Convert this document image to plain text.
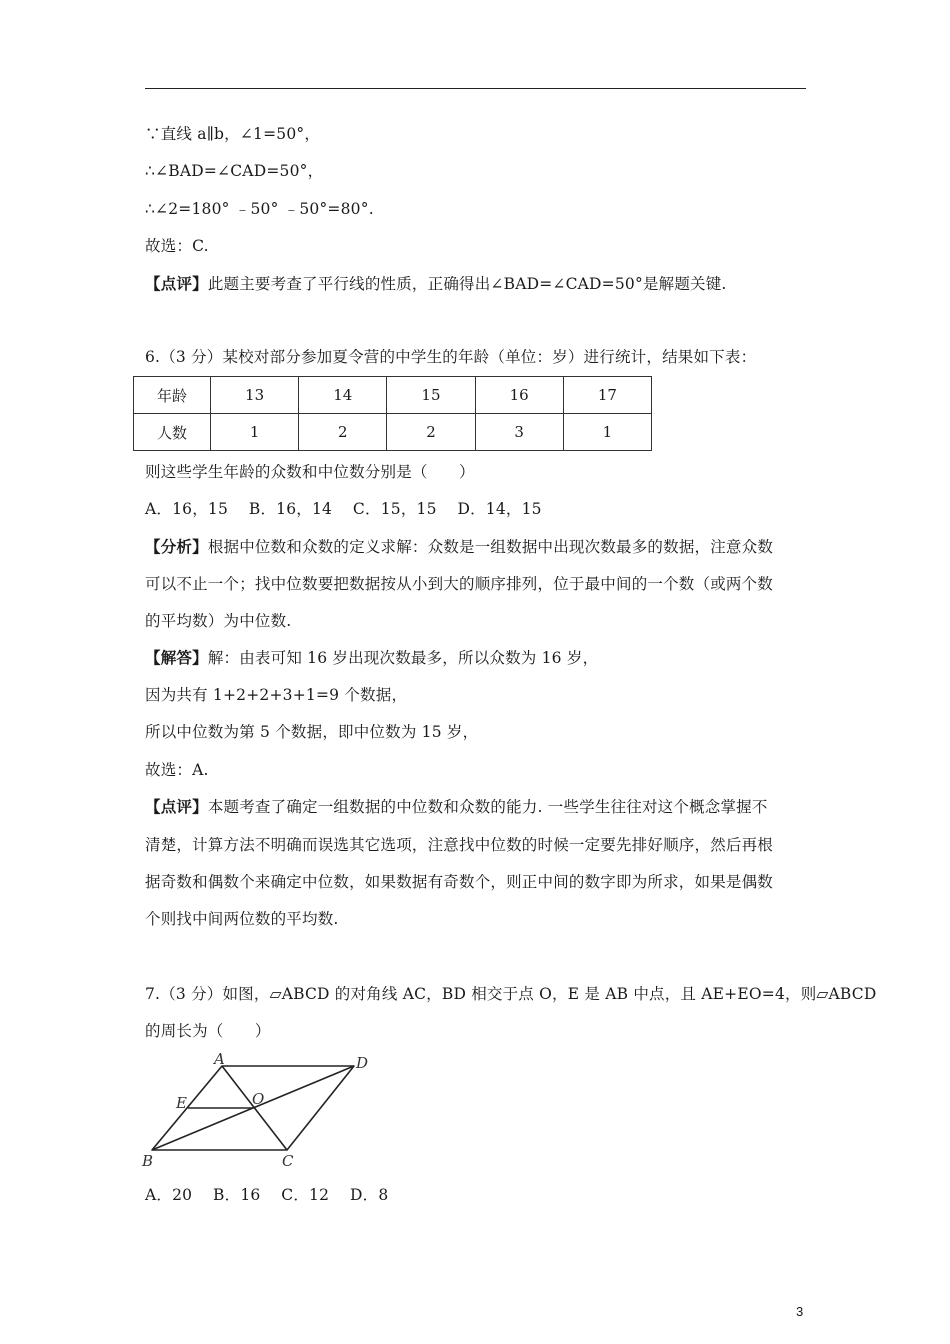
∵直线 a∥b，∠1=50°，
∴∠BAD=∠CAD=50°，
∴∠2=180° ﹣50° ﹣50°=80°.
故选：C.
【点评】此题主要考查了平行线的性质，正确得出∠BAD=∠CAD=50°是解题关键.
6.（3 分）某校对部分参加夏令营的中学生的年龄（单位：岁）进行统计，结果如下表：
年龄	13	14	15	16	17
人数	1	2	2	3	1
则这些学生年龄的众数和中位数分别是（　　）
A．16，15　 B．16，14　 C．15，15　 D．14，15
【分析】根据中位数和众数的定义求解：众数是一组数据中出现次数最多的数据，注意众数
可以不止一个；找中位数要把数据按从小到大的顺序排列，位于最中间的一个数（或两个数
的平均数）为中位数.
【解答】解：由表可知 16 岁出现次数最多，所以众数为 16 岁，
因为共有 1+2+2+3+1=9 个数据，
所以中位数为第 5 个数据，即中位数为 15 岁，
故选：A.
【点评】本题考查了确定一组数据的中位数和众数的能力. 一些学生往往对这个概念掌握不
清楚，计算方法不明确而误选其它选项，注意找中位数的时候一定要先排好顺序，然后再根
据奇数和偶数个来确定中位数，如果数据有奇数个，则正中间的数字即为所求，如果是偶数
个则找中间两位数的平均数.
7.（3 分）如图，▱ABCD 的对角线 AC，BD 相交于点 O，E 是 AB 中点，且 AE+EO=4，则▱ABCD
的周长为（　　）
A	D
E	O
B	C
A．20　 B．16　 C．12　 D．8
3
